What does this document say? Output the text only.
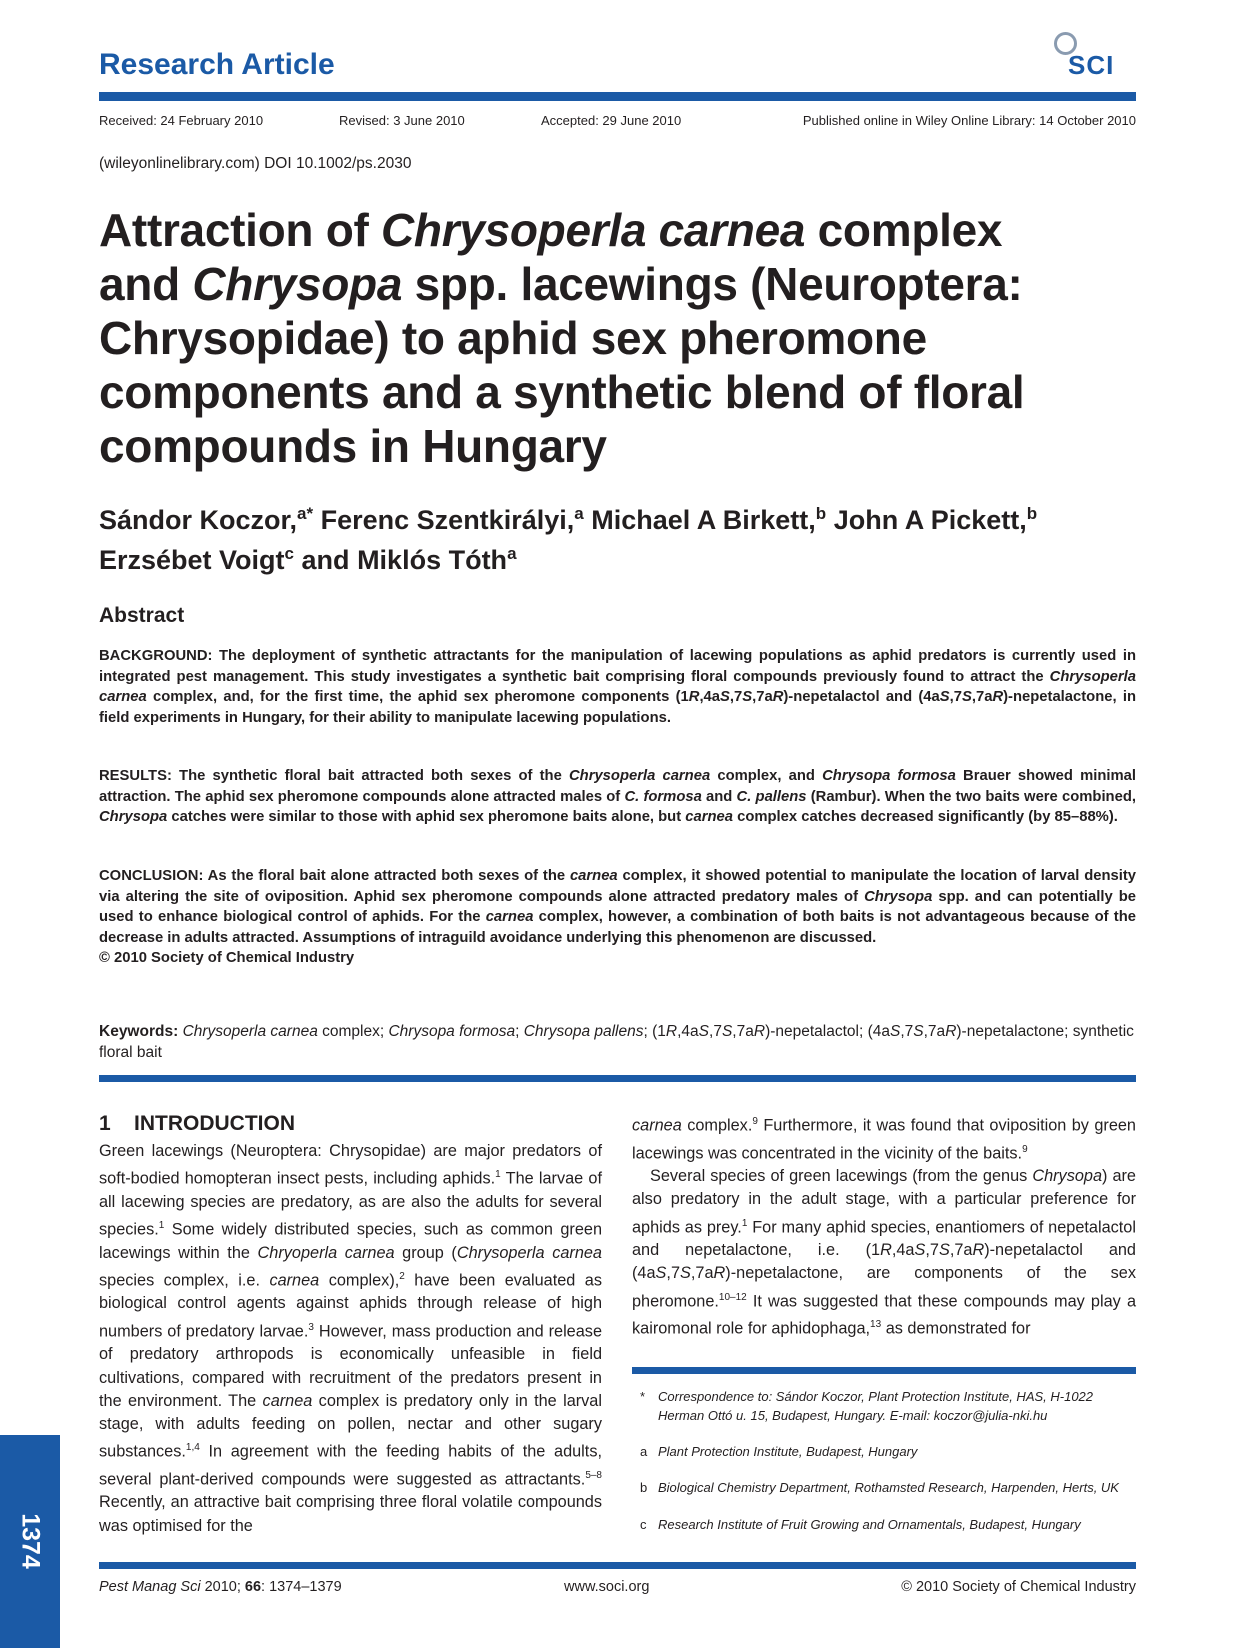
Research Article	SCI
Received: 24 February 2010	Revised: 3 June 2010	Accepted: 29 June 2010	Published online in Wiley Online Library: 14 October 2010
(wileyonlinelibrary.com) DOI 10.1002/ps.2030
Attraction of Chrysoperla carnea complex
and Chrysopa spp. lacewings (Neuroptera:
Chrysopidae) to aphid sex pheromone
components and a synthetic blend of floral
compounds in Hungary
Sándor Koczor,$^{a*}$ Ferenc Szentkirályi,$^a$ Michael A Birkett,$^b$ John A Pickett,$^b$
Erzsébet Voigt$^c$ and Miklós Tóth$^a$
Abstract
BACKGROUND: The deployment of synthetic attractants for the manipulation of lacewing populations as aphid predators is currently used in integrated pest management. This study investigates a synthetic bait comprising floral compounds previously found to attract the Chrysoperla carnea complex, and, for the first time, the aphid sex pheromone components (1R,4aS,7S,7aR)-nepetalactol and (4aS,7S,7aR)-nepetalactone, in field experiments in Hungary, for their ability to manipulate lacewing populations.
RESULTS: The synthetic floral bait attracted both sexes of the Chrysoperla carnea complex, and Chrysopa formosa Brauer showed minimal attraction. The aphid sex pheromone compounds alone attracted males of C. formosa and C. pallens (Rambur). When the two baits were combined, Chrysopa catches were similar to those with aphid sex pheromone baits alone, but carnea complex catches decreased significantly (by 85–88%).
CONCLUSION: As the floral bait alone attracted both sexes of the carnea complex, it showed potential to manipulate the location of larval density via altering the site of oviposition. Aphid sex pheromone compounds alone attracted predatory males of Chrysopa spp. and can potentially be used to enhance biological control of aphids. For the carnea complex, however, a combination of both baits is not advantageous because of the decrease in adults attracted. Assumptions of intraguild avoidance underlying this phenomenon are discussed.
© 2010 Society of Chemical Industry
Keywords: Chrysoperla carnea complex; Chrysopa formosa; Chrysopa pallens; (1R,4aS,7S,7aR)-nepetalactol; (4aS,7S,7aR)-nepetalactone; synthetic floral bait
1    INTRODUCTION
Green lacewings (Neuroptera: Chrysopidae) are major predators of soft-bodied homopteran insect pests, including aphids.$^1$ The larvae of all lacewing species are predatory, as are also the adults for several species.$^1$ Some widely distributed species, such as common green lacewings within the Chryoperla carnea group (Chrysoperla carnea species complex, i.e. carnea complex),$^2$ have been evaluated as biological control agents against aphids through release of high numbers of predatory larvae.$^3$ However, mass production and release of predatory arthropods is economically unfeasible in field cultivations, compared with recruitment of the predators present in the environment. The carnea complex is predatory only in the larval stage, with adults feeding on pollen, nectar and other sugary substances.$^{1,4}$ In agreement with the feeding habits of the adults, several plant-derived compounds were suggested as attractants.$^{5-8}$ Recently, an attractive bait comprising three floral volatile compounds was optimised for the
carnea complex.$^9$ Furthermore, it was found that oviposition by green lacewings was concentrated in the vicinity of the baits.$^9$
Several species of green lacewings (from the genus Chrysopa) are also predatory in the adult stage, with a particular preference for aphids as prey.$^1$ For many aphid species, enantiomers of nepetalactol and nepetalactone, i.e. (1R,4aS,7S,7aR)-nepetalactol and (4aS,7S,7aR)-nepetalactone, are components of the sex pheromone.$^{10-12}$ It was suggested that these compounds may play a kairomonal role for aphidophaga,$^{13}$ as demonstrated for
* Correspondence to: Sándor Koczor, Plant Protection Institute, HAS, H-1022 Herman Ottó u. 15, Budapest, Hungary. E-mail: koczor@julia-nki.hu
a Plant Protection Institute, Budapest, Hungary
b Biological Chemistry Department, Rothamsted Research, Harpenden, Herts, UK
c Research Institute of Fruit Growing and Ornamentals, Budapest, Hungary
Pest Manag Sci 2010; 66: 1374–1379	www.soci.org	© 2010 Society of Chemical Industry
1374
